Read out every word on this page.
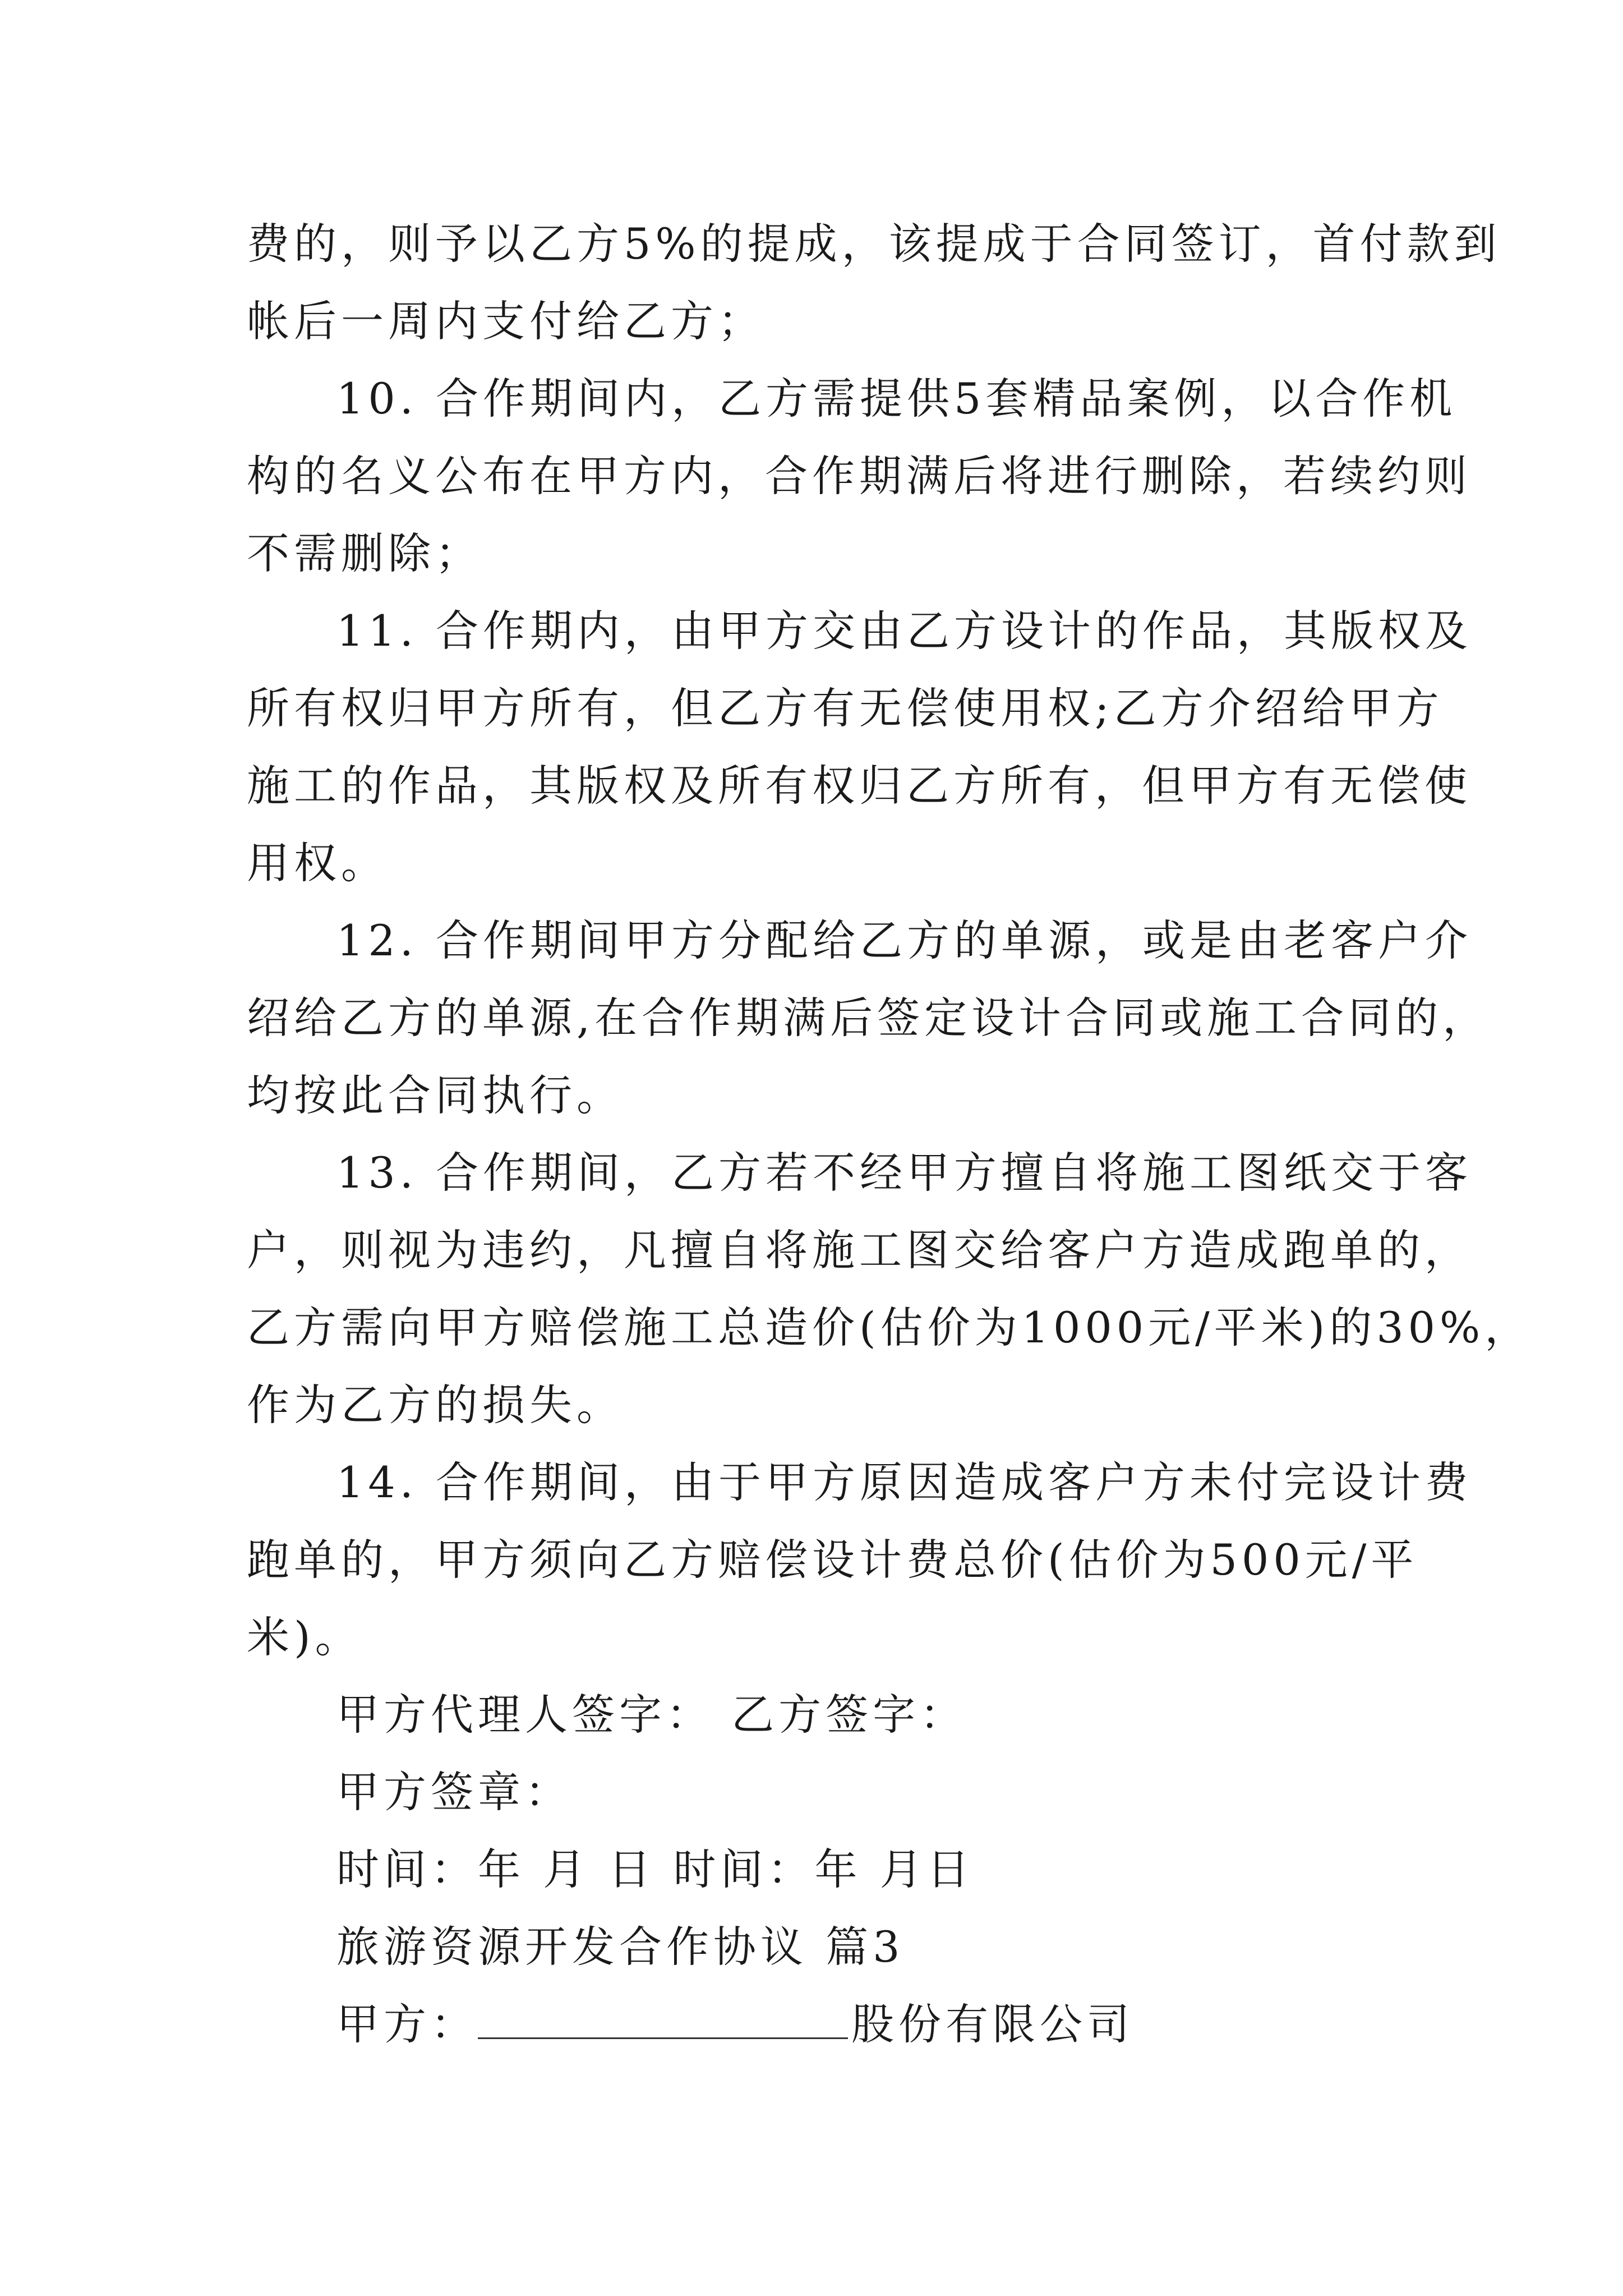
费的，则予以乙方5%的提成，该提成于合同签订，首付款到
帐后一周内支付给乙方；
10. 合作期间内，乙方需提供5套精品案例，以合作机
构的名义公布在甲方内，合作期满后将进行删除，若续约则
不需删除；
11. 合作期内，由甲方交由乙方设计的作品，其版权及
所有权归甲方所有，但乙方有无偿使用权;乙方介绍给甲方
施工的作品，其版权及所有权归乙方所有，但甲方有无偿使
用权。
12. 合作期间甲方分配给乙方的单源，或是由老客户介
绍给乙方的单源,在合作期满后签定设计合同或施工合同的，
均按此合同执行。
13. 合作期间，乙方若不经甲方擅自将施工图纸交于客
户，则视为违约，凡擅自将施工图交给客户方造成跑单的，
乙方需向甲方赔偿施工总造价(估价为1000元/平米)的30%，
作为乙方的损失。
14. 合作期间，由于甲方原因造成客户方未付完设计费
跑单的，甲方须向乙方赔偿设计费总价(估价为500元/平
米)。
甲方代理人签字： 乙方签字：
甲方签章：
时间：年 月 日 时间：年 月日
旅游资源开发合作协议 篇3
甲方：	股份有限公司
